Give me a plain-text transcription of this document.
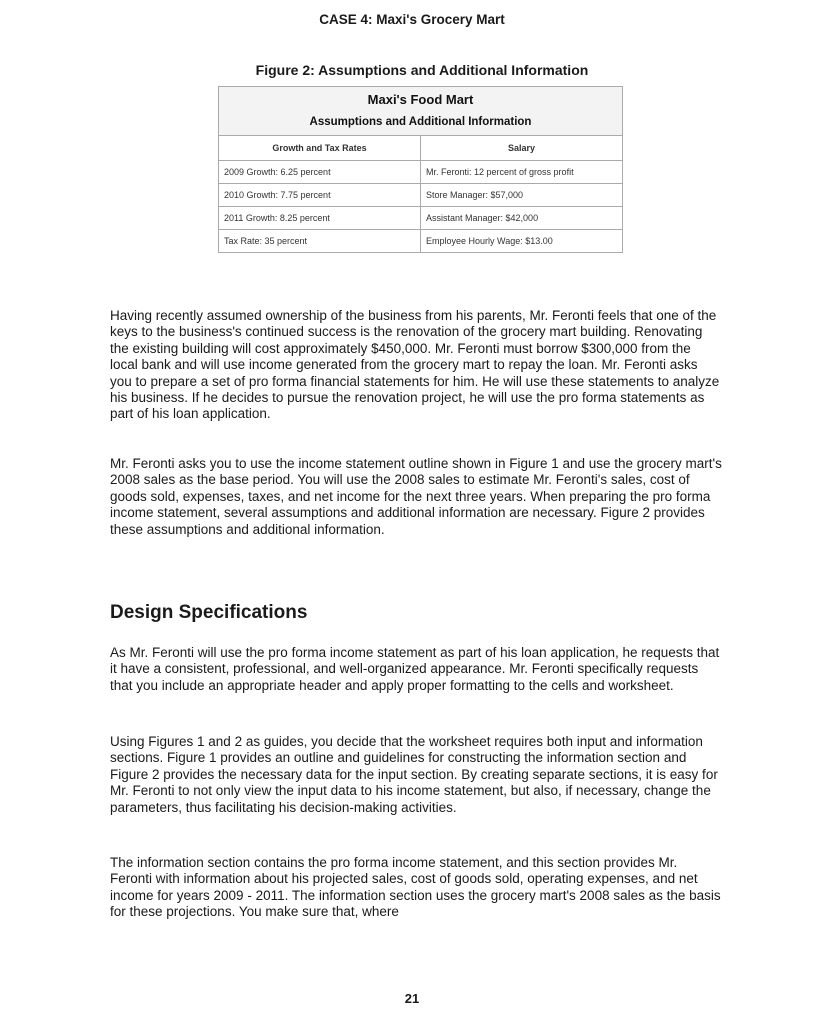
CASE 4: Maxi's Grocery Mart
Figure 2: Assumptions and Additional Information
Maxi's Food Mart
Assumptions and Additional Information	

Growth and Tax Rates	Salary
2009 Growth: 6.25 percent	Mr. Feronti: 12 percent of gross profit
2010 Growth: 7.75 percent	Store Manager: $57,000
2011 Growth: 8.25 percent	Assistant Manager: $42,000
Tax Rate: 35 percent	Employee Hourly Wage: $13.00

Having recently assumed ownership of the business from his parents, Mr. Feronti feels that one of the keys to the business's continued success is the renovation of the grocery mart building. Renovating the existing building will cost approximately $450,000. Mr. Feronti must borrow $300,000 from the local bank and will use income generated from the grocery mart to repay the loan. Mr. Feronti asks you to prepare a set of pro forma financial statements for him. He will use these statements to analyze his business. If he decides to pursue the renovation project, he will use the pro forma statements as part of his loan application.

Mr. Feronti asks you to use the income statement outline shown in Figure 1 and use the grocery mart's 2008 sales as the base period. You will use the 2008 sales to estimate Mr. Feronti's sales, cost of goods sold, expenses, taxes, and net income for the next three years. When preparing the pro forma income statement, several assumptions and additional information are necessary. Figure 2 provides these assumptions and additional information.

Design Specifications

As Mr. Feronti will use the pro forma income statement as part of his loan application, he requests that it have a consistent, professional, and well-organized appearance. Mr. Feronti specifically requests that you include an appropriate header and apply proper formatting to the cells and worksheet.

Using Figures 1 and 2 as guides, you decide that the worksheet requires both input and information sections. Figure 1 provides an outline and guidelines for constructing the information section and Figure 2 provides the necessary data for the input section. By creating separate sections, it is easy for Mr. Feronti to not only view the input data to his income statement, but also, if necessary, change the parameters, thus facilitating his decision-making activities.

The information section contains the pro forma income statement, and this section provides Mr. Feronti with information about his projected sales, cost of goods sold, operating expenses, and net income for years 2009 - 2011. The information section uses the grocery mart's 2008 sales as the basis for these projections. You make sure that, where

21
